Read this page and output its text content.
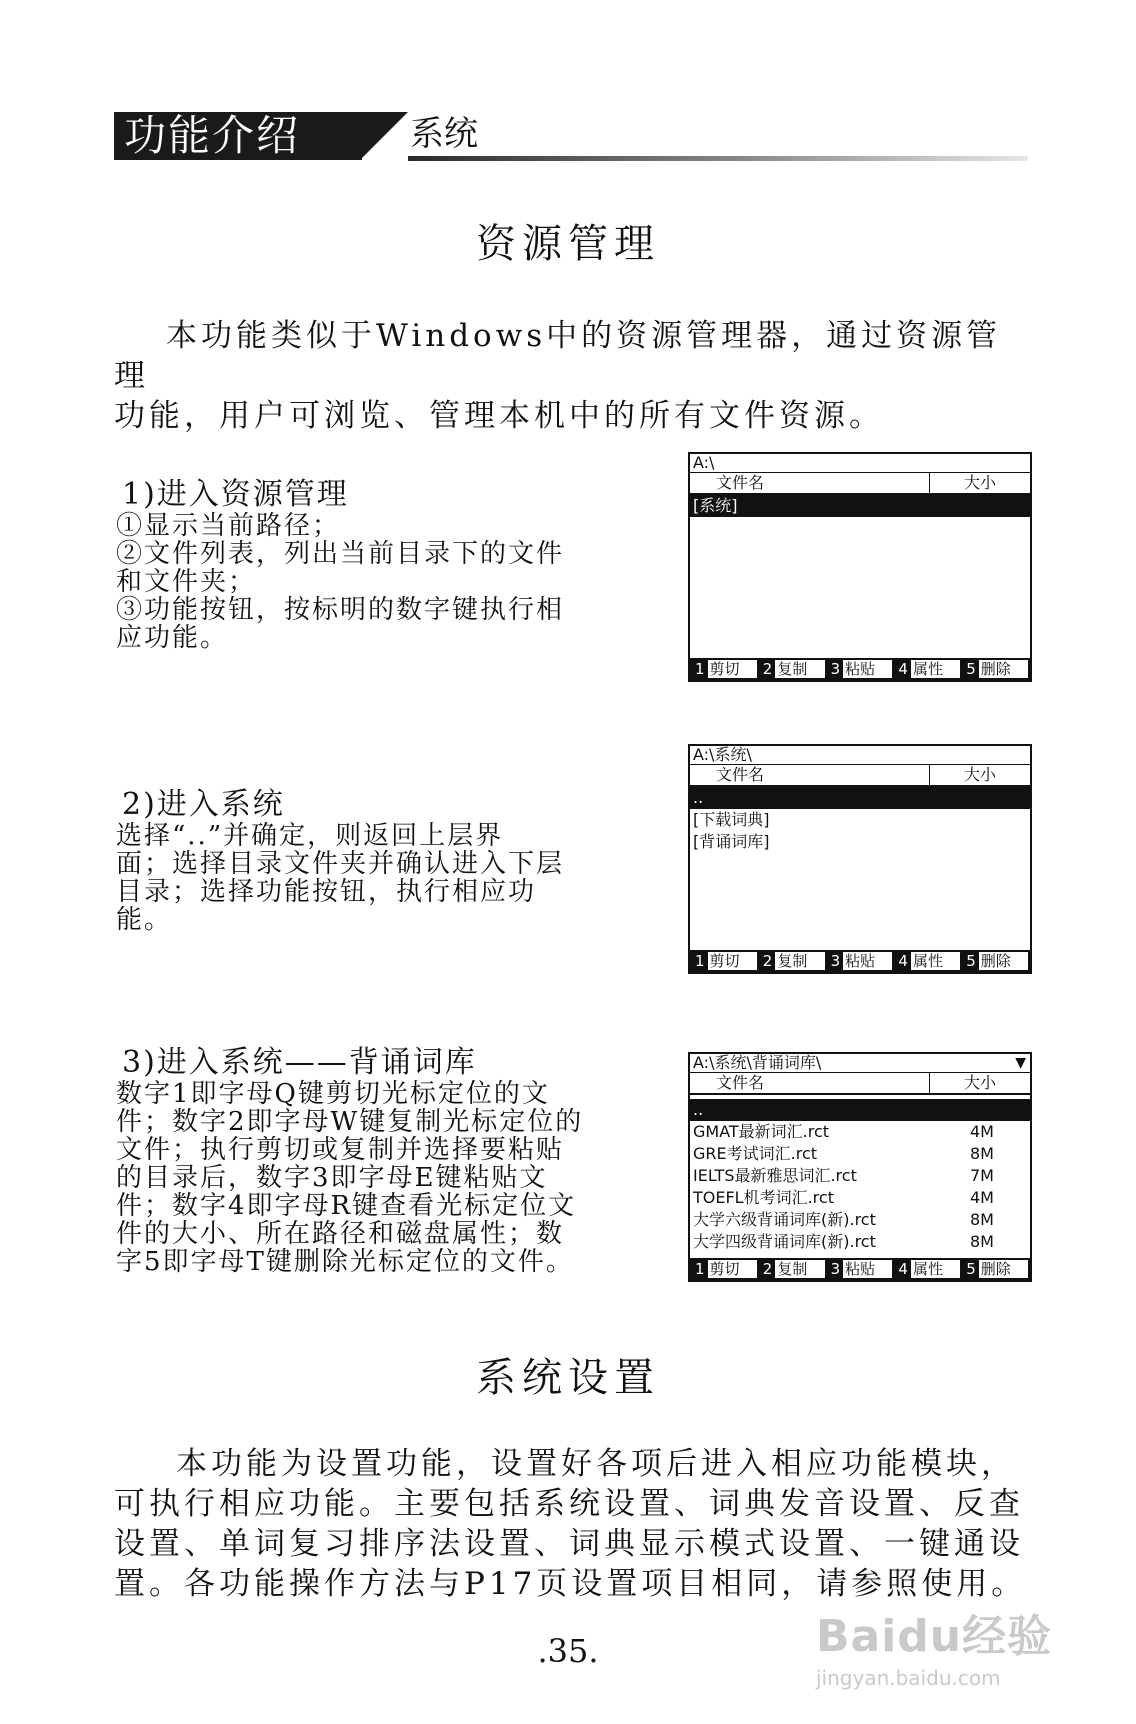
功能介绍	系统
资源管理

本功能类似于Windows中的资源管理器，通过资源管理

功能，用户可浏览、管理本机中的所有文件资源。

1)进入资源管理

①显示当前路径；

②文件列表，列出当前目录下的文件

和文件夹；

③功能按钮，按标明的数字键执行相

应功能。

A:\
文件名	大小
[系统]
1 剪切 2 复制 3 粘贴 4 属性 5 删除
2)进入系统

选择“..”并确定，则返回上层界

面；选择目录文件夹并确认进入下层

目录；选择功能按钮，执行相应功

能。

A:\系统\
文件名	大小
..
[下载词典]
[背诵词库]
1 剪切 2 复制 3 粘贴 4 属性 5 删除
3)进入系统——背诵词库

数字1即字母Q键剪切光标定位的文

件；数字2即字母W键复制光标定位的

文件；执行剪切或复制并选择要粘贴

的目录后，数字3即字母E键粘贴文

件；数字4即字母R键查看光标定位文

件的大小、所在路径和磁盘属性；数

字5即字母T键删除光标定位的文件。

A:\系统\背诵词库\	▼
文件名	大小
..
GMAT最新词汇.rct	4M
GRE考试词汇.rct	8M
IELTS最新雅思词汇.rct	7M
TOEFL机考词汇.rct	4M
大学六级背诵词库(新).rct	8M
大学四级背诵词库(新).rct	8M
1 剪切 2 复制 3 粘贴 4 属性 5 删除
系统设置

本功能为设置功能，设置好各项后进入相应功能模块，

可执行相应功能。主要包括系统设置、词典发音设置、反查

设置、单词复习排序法设置、词典显示模式设置、一键通设

置。各功能操作方法与P17页设置项目相同，请参照使用。

.35.	Baidu经验
jingyan.baidu.com
